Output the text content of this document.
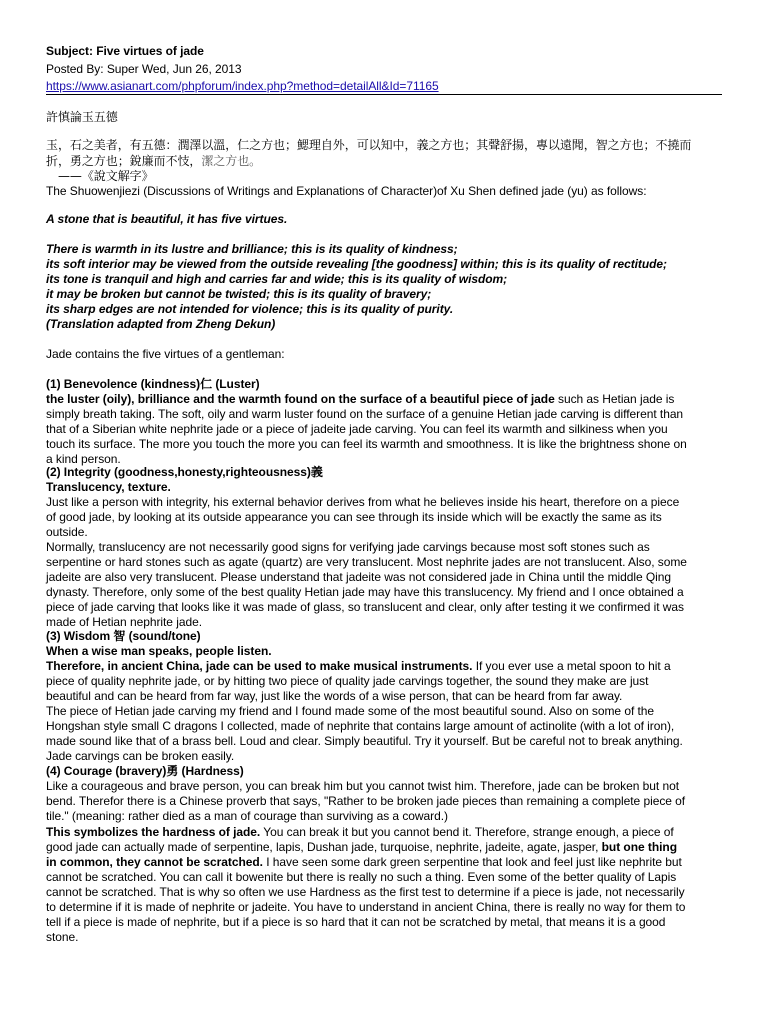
Subject: Five virtues of jade
Posted By: Super Wed, Jun 26, 2013
https://www.asianart.com/phpforum/index.php?method=detailAll&Id=71165
許慎論玉五德
玉，石之美者，有五德：潤澤以溫，仁之方也；鰓理自外，可以知中，義之方也；其聲舒揚，專以遠聞，智之方也；不撓而
折，勇之方也；銳廉而不忮，潔之方也。
　——《說文解字》
The Shuowenjiezi (Discussions of Writings and Explanations of Character)of Xu Shen defined jade (yu) as follows:
A stone that is beautiful, it has five virtues.
There is warmth in its lustre and brilliance; this is its quality of kindness;
its soft interior may be viewed from the outside revealing [the goodness] within; this is its quality of rectitude;
its tone is tranquil and high and carries far and wide; this is its quality of wisdom;
it may be broken but cannot be twisted; this is its quality of bravery;
its sharp edges are not intended for violence; this is its quality of purity.
(Translation adapted from Zheng Dekun)
Jade contains the five virtues of a gentleman:
(1) Benevolence (kindness)仁 (Luster)
the luster (oily), brilliance and the warmth found on the surface of a beautiful piece of jade such as Hetian jade is
simply breath taking. The soft, oily and warm luster found on the surface of a genuine Hetian jade carving is different than
that of a Siberian white nephrite jade or a piece of jadeite jade carving. You can feel its warmth and silkiness when you
touch its surface. The more you touch the more you can feel its warmth and smoothness. It is like the brightness shone on
a kind person.
(2) Integrity (goodness,honesty,righteousness)義
Translucency, texture.
Just like a person with integrity, his external behavior derives from what he believes inside his heart, therefore on a piece
of good jade, by looking at its outside appearance you can see through its inside which will be exactly the same as its
outside.
Normally, translucency are not necessarily good signs for verifying jade carvings because most soft stones such as
serpentine or hard stones such as agate (quartz) are very translucent. Most nephrite jades are not translucent. Also, some
jadeite are also very translucent. Please understand that jadeite was not considered jade in China until the middle Qing
dynasty. Therefore, only some of the best quality Hetian jade may have this translucency. My friend and I once obtained a
piece of jade carving that looks like it was made of glass, so translucent and clear, only after testing it we confirmed it was
made of Hetian nephrite jade.
(3) Wisdom 智 (sound/tone)
When a wise man speaks, people listen.
Therefore, in ancient China, jade can be used to make musical instruments. If you ever use a metal spoon to hit a
piece of quality nephrite jade, or by hitting two piece of quality jade carvings together, the sound they make are just
beautiful and can be heard from far way, just like the words of a wise person, that can be heard from far away.
The piece of Hetian jade carving my friend and I found made some of the most beautiful sound. Also on some of the
Hongshan style small C dragons I collected, made of nephrite that contains large amount of actinolite (with a lot of iron),
made sound like that of a brass bell. Loud and clear. Simply beautiful. Try it yourself. But be careful not to break anything.
Jade carvings can be broken easily.
(4) Courage (bravery)勇 (Hardness)
Like a courageous and brave person, you can break him but you cannot twist him. Therefore, jade can be broken but not
bend. Therefor there is a Chinese proverb that says, "Rather to be broken jade pieces than remaining a complete piece of
tile." (meaning: rather died as a man of courage than surviving as a coward.)
This symbolizes the hardness of jade. You can break it but you cannot bend it. Therefore, strange enough, a piece of
good jade can actually made of serpentine, lapis, Dushan jade, turquoise, nephrite, jadeite, agate, jasper, but one thing
in common, they cannot be scratched. I have seen some dark green serpentine that look and feel just like nephrite but
cannot be scratched. You can call it bowenite but there is really no such a thing. Even some of the better quality of Lapis
cannot be scratched. That is why so often we use Hardness as the first test to determine if a piece is jade, not necessarily
to determine if it is made of nephrite or jadeite. You have to understand in ancient China, there is really no way for them to
tell if a piece is made of nephrite, but if a piece is so hard that it can not be scratched by metal, that means it is a good
stone.
